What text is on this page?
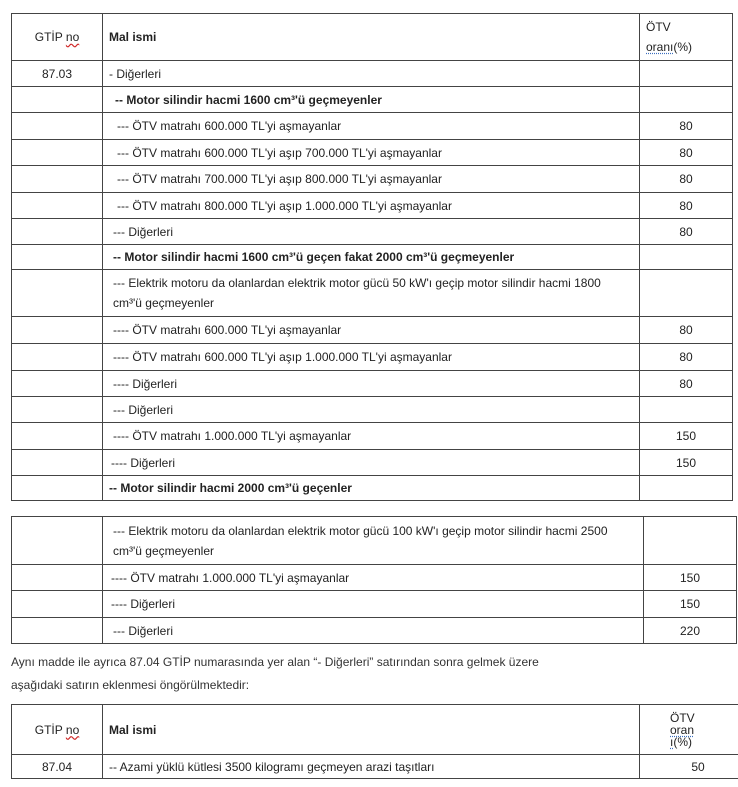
GTİP no	Mal ismi	ÖTV
oranı(%)

87.03	- Diğerleri	
	-- Motor silindir hacmi 1600 cm³'ü geçmeyenler	
	--- ÖTV matrahı 600.000 TL'yi aşmayanlar	80
	--- ÖTV matrahı 600.000 TL'yi aşıp 700.000 TL'yi aşmayanlar	80
	--- ÖTV matrahı 700.000 TL'yi aşıp 800.000 TL'yi aşmayanlar	80
	--- ÖTV matrahı 800.000 TL'yi aşıp 1.000.000 TL'yi aşmayanlar	80
	--- Diğerleri	80
	-- Motor silindir hacmi 1600 cm³'ü geçen fakat 2000 cm³'ü geçmeyenler	

	--- Elektrik motoru da olanlardan elektrik motor gücü 50 kW'ı geçip motor silindir hacmi 1800
cm³'ü geçmeyenler	

	---- ÖTV matrahı 600.000 TL'yi aşmayanlar	80
	---- ÖTV matrahı 600.000 TL'yi aşıp 1.000.000 TL'yi aşmayanlar	80
	---- Diğerleri	80
	--- Diğerleri	
	---- ÖTV matrahı 1.000.000 TL'yi aşmayanlar	150
	---- Diğerleri	150
	-- Motor silindir hacmi 2000 cm³'ü geçenler	

	--- Elektrik motoru da olanlardan elektrik motor gücü 100 kW'ı geçip motor silindir hacmi 2500
cm³'ü geçmeyenler	

	---- ÖTV matrahı 1.000.000 TL'yi aşmayanlar	150
	---- Diğerleri	150
	--- Diğerleri	220

Aynı madde ile ayrıca 87.04 GTİP numarasında yer alan “- Diğerleri” satırından sonra gelmek üzere
aşağıdaki satırın eklenmesi öngörülmektedir:

GTİP no	Mal ismi	ÖTV
oran
ı(%)

87.04	-- Azami yüklü kütlesi 3500 kilogramı geçmeyen arazi taşıtları	50
